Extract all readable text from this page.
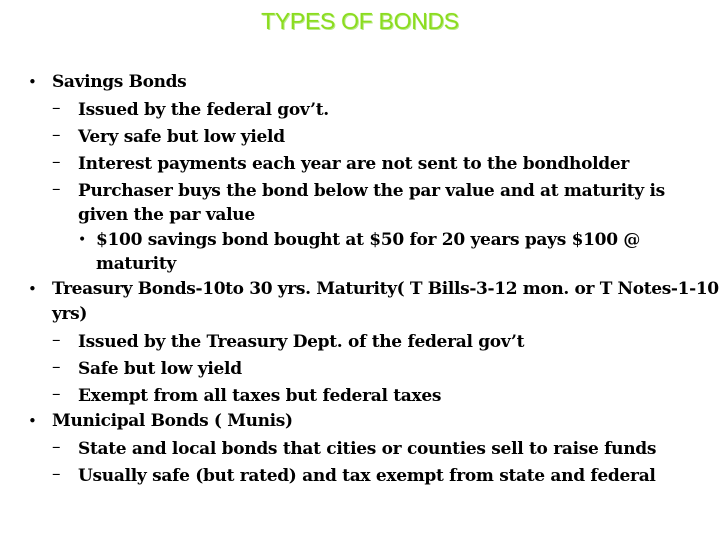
TYPES OF BONDS
• Savings Bonds
– Issued by the federal gov’t.
– Very safe but low yield
– Interest payments each year are not sent to the bondholder
– Purchaser buys the bond below the par value and at maturity is given the par value
• $100 savings bond bought at $50 for 20 years pays $100 @ maturity
• Treasury Bonds-10to 30 yrs. Maturity( T Bills-3-12 mon. or T Notes-1-10 yrs)
– Issued by the Treasury Dept. of the federal gov’t
– Safe but low yield
– Exempt from all taxes but federal taxes
• Municipal Bonds ( Munis)
– State and local bonds that cities or counties sell to raise funds
– Usually safe (but rated) and tax exempt from state and federal
